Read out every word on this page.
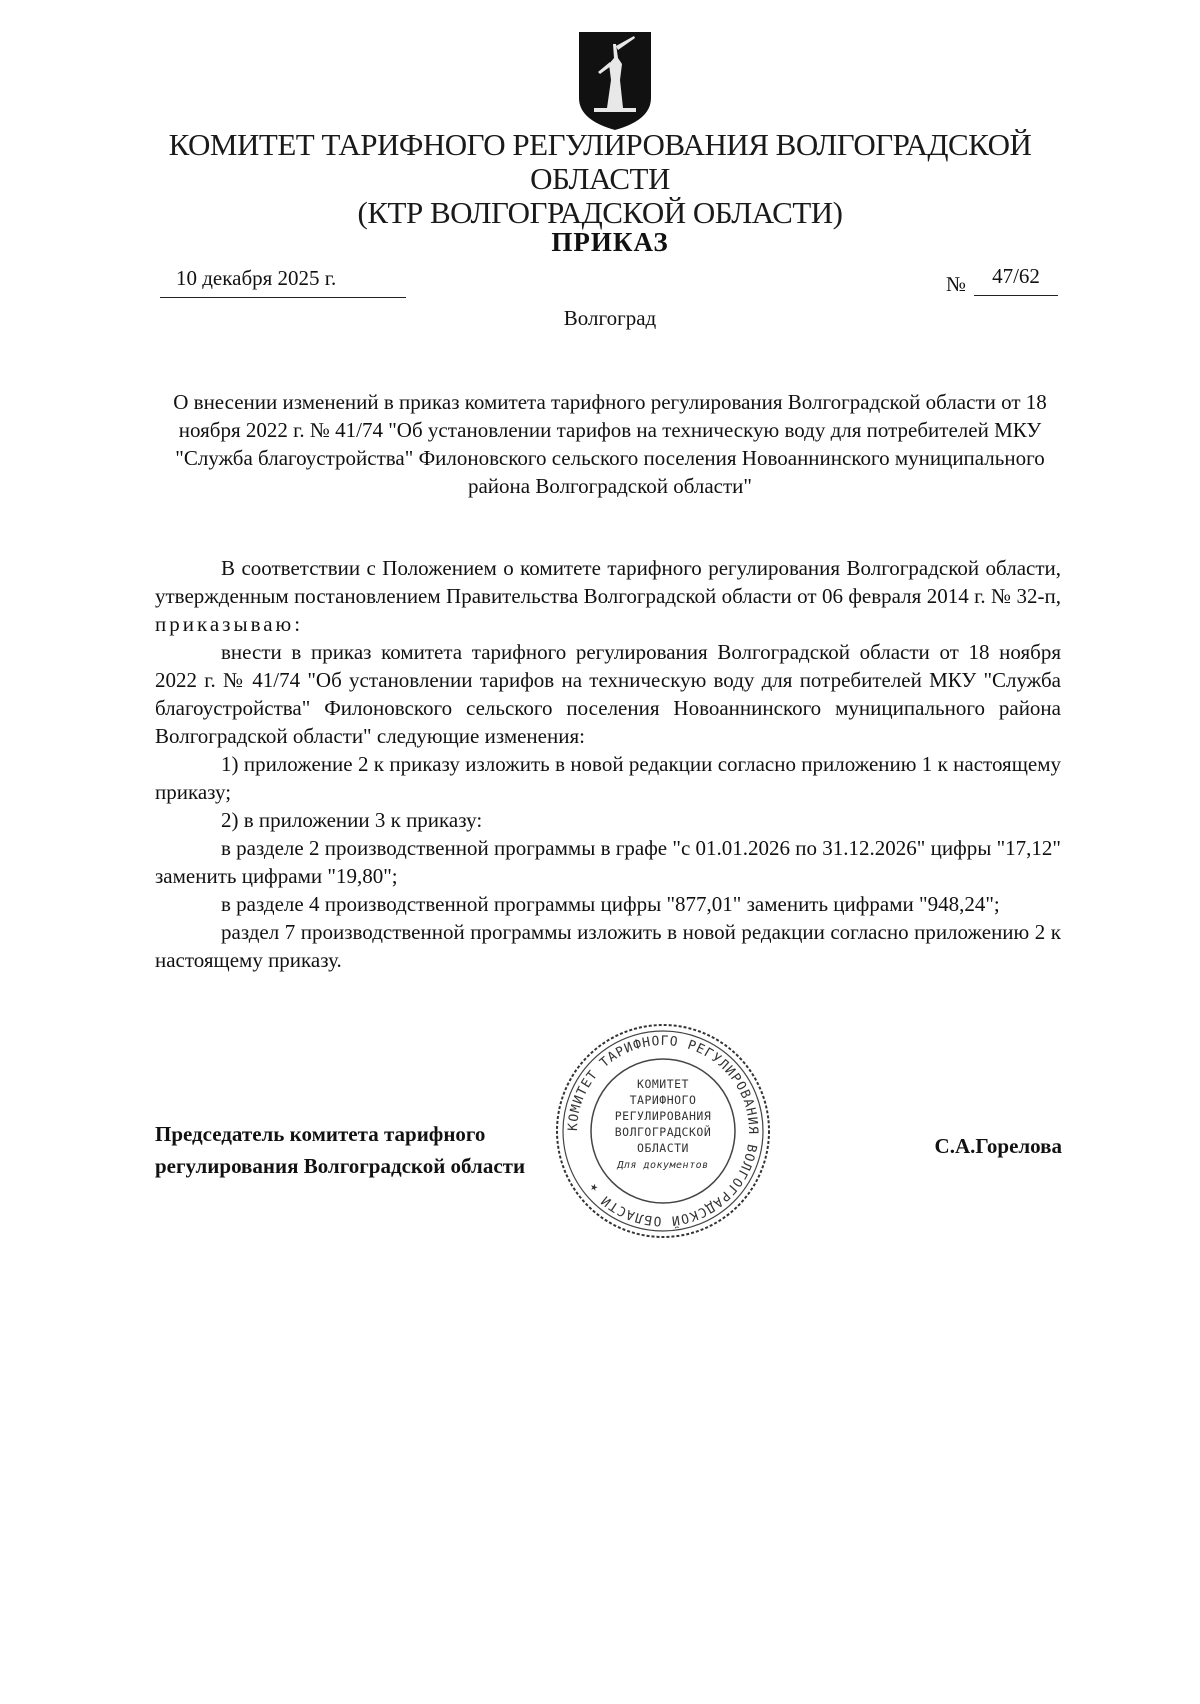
КОМИТЕТ ТАРИФНОГО РЕГУЛИРОВАНИЯ ВОЛГОГРАДСКОЙ ОБЛАСТИ
(КТР ВОЛГОГРАДСКОЙ ОБЛАСТИ)
ПРИКАЗ
10 декабря 2025 г.	№	47/62
Волгоград
О внесении изменений в приказ комитета тарифного регулирования Волгоградской области от 18 ноября 2022 г. № 41/74 "Об установлении тарифов на техническую воду для потребителей МКУ "Служба благоустройства" Филоновского сельского поселения Новоаннинского муниципального района Волгоградской области"

В соответствии с Положением о комитете тарифного регулирования Волгоградской области, утвержденным постановлением Правительства Волгоградской области от 06 февраля 2014 г. № 32-п, приказываю:

внести в приказ комитета тарифного регулирования Волгоградской области от 18 ноября 2022 г. № 41/74 "Об установлении тарифов на техническую воду для потребителей МКУ "Служба благоустройства" Филоновского сельского поселения Новоаннинского муниципального района Волгоградской области" следующие изменения:

1) приложение 2 к приказу изложить в новой редакции согласно приложению 1 к настоящему приказу;

2) в приложении 3 к приказу:

в разделе 2 производственной программы в графе "с 01.01.2026 по 31.12.2026" цифры "17,12" заменить цифрами "19,80";

в разделе 4 производственной программы цифры "877,01" заменить цифрами "948,24";

раздел 7 производственной программы изложить в новой редакции согласно приложению 2 к настоящему приказу.

Председатель комитета тарифного
регулирования Волгоградской области
С.А.Горелова
КОМИТЕТ ТАРИФНОГО РЕГУЛИРОВАНИЯ ВОЛГОГРАДСКОЙ ОБЛАСТИ ★
КОМИТЕТ
ТАРИФНОГО
РЕГУЛИРОВАНИЯ
ВОЛГОГРАДСКОЙ
ОБЛАСТИ
Для документов
